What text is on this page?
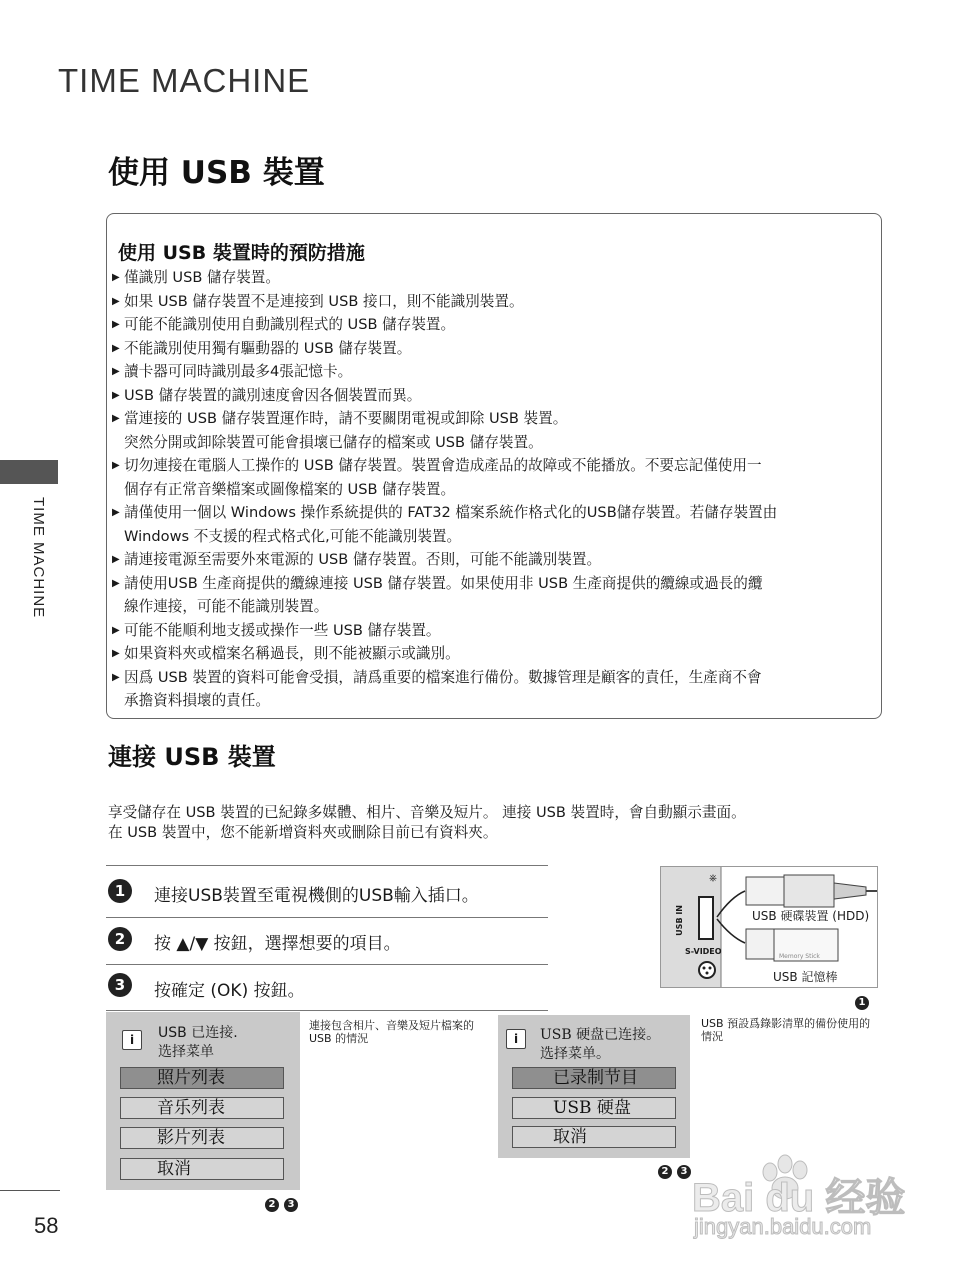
TIME MACHINE
使用 USB 裝置
TIME MACHINE
使用 USB 裝置時的預防措施
▶ 僅識別 USB 儲存裝置。
▶ 如果 USB 儲存裝置不是連接到 USB 接口，則不能識別裝置。
▶ 可能不能識別使用自動識別程式的 USB 儲存裝置。
▶ 不能識別使用獨有驅動器的 USB 儲存裝置。
▶ 讀卡器可同時識別最多4張記憶卡。
▶ USB 儲存裝置的識別速度會因各個裝置而異。
▶ 當連接的 USB 儲存裝置運作時，請不要關閉電視或卸除 USB 裝置。
突然分開或卸除裝置可能會損壞已儲存的檔案或 USB 儲存裝置。
▶ 切勿連接在電腦人工操作的 USB 儲存裝置。裝置會造成產品的故障或不能播放。不要忘記僅使用一
個存有正常音樂檔案或圖像檔案的 USB 儲存裝置。
▶ 請僅使用一個以 Windows 操作系統提供的 FAT32 檔案系統作格式化的USB儲存裝置。若儲存裝置由
Windows 不支援的程式格式化,可能不能識別裝置。
▶ 請連接電源至需要外來電源的 USB 儲存裝置。否則，可能不能識別裝置。
▶ 請使用USB 生產商提供的纜線連接 USB 儲存裝置。如果使用非 USB 生產商提供的纜線或過長的纜
線作連接，可能不能識別裝置。
▶ 可能不能順利地支援或操作一些 USB 儲存裝置。
▶ 如果資料夾或檔案名稱過長，則不能被顯示或識別。
▶ 因爲 USB 裝置的資料可能會受損，請爲重要的檔案進行備份。數據管理是顧客的責任，生產商不會
承擔資料損壞的責任。
連接 USB 裝置
享受儲存在 USB 裝置的已紀錄多媒體、相片、音樂及短片。 連接 USB 裝置時，會自動顯示畫面。
在 USB 裝置中，您不能新增資料夾或刪除目前已有資料夾。
1	連接USB裝置至電視機側的USB輸入插口。
2	按 ▲/▼ 按鈕，選擇想要的項目。
3	按確定 (OK) 按鈕。
⎈
USB IN
S-VIDEO
Memory Stick
USB 硬碟裝置 (HDD)
USB 記憶棒
1
i	USB 已连接.
选择菜单
照片列表
音乐列表
影片列表
取消
2	3
連接包含相片、音樂及短片檔案的
USB 的情況	i	USB 硬盘已连接。
选择菜单。
已录制节目
USB 硬盘
取消
2	3
USB 預設爲錄影清單的備份使用的
情況
58
Bai du 经验
jingyan.baidu.com
